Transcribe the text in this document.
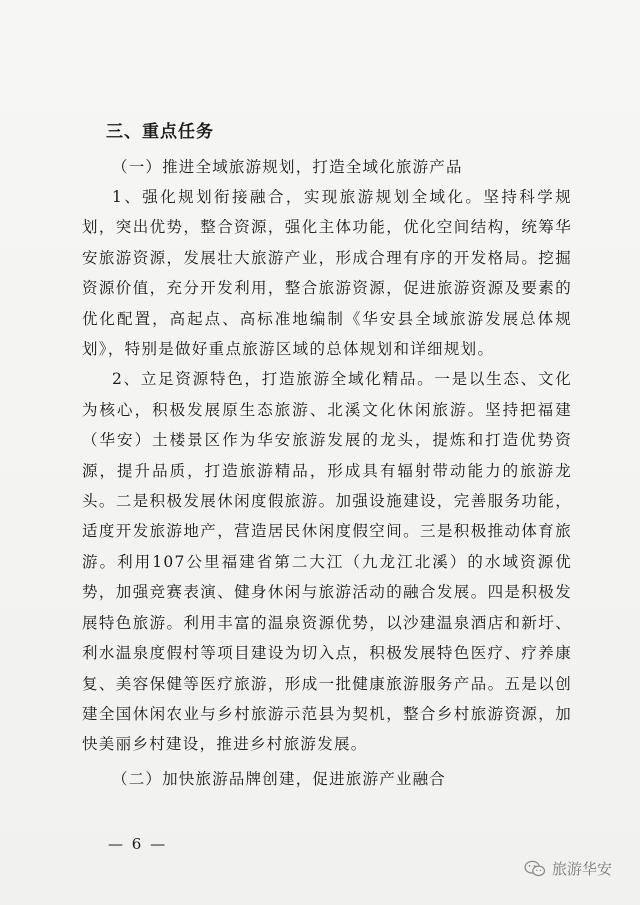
三、重点任务

（一）推进全域旅游规划，打造全域化旅游产品

1、强化规划衔接融合，实现旅游规划全域化。坚持科学规划，突出优势，整合资源，强化主体功能，优化空间结构，统筹华安旅游资源，发展壮大旅游产业，形成合理有序的开发格局。挖掘资源价值，充分开发利用，整合旅游资源，促进旅游资源及要素的优化配置，高起点、高标准地编制《华安县全域旅游发展总体规划》，特别是做好重点旅游区域的总体规划和详细规划。

2、立足资源特色，打造旅游全域化精品。一是以生态、文化为核心，积极发展原生态旅游、北溪文化休闲旅游。坚持把福建（华安）土楼景区作为华安旅游发展的龙头，提炼和打造优势资源，提升品质，打造旅游精品，形成具有辐射带动能力的旅游龙头。二是积极发展休闲度假旅游。加强设施建设，完善服务功能，适度开发旅游地产，营造居民休闲度假空间。三是积极推动体育旅游。利用107公里福建省第二大江（九龙江北溪）的水域资源优势，加强竞赛表演、健身休闲与旅游活动的融合发展。四是积极发展特色旅游。利用丰富的温泉资源优势，以沙建温泉酒店和新圩、利水温泉度假村等项目建设为切入点，积极发展特色医疗、疗养康复、美容保健等医疗旅游，形成一批健康旅游服务产品。五是以创建全国休闲农业与乡村旅游示范县为契机，整合乡村旅游资源，加快美丽乡村建设，推进乡村旅游发展。

（二）加快旅游品牌创建，促进旅游产业融合

— 6 —
旅游华安
